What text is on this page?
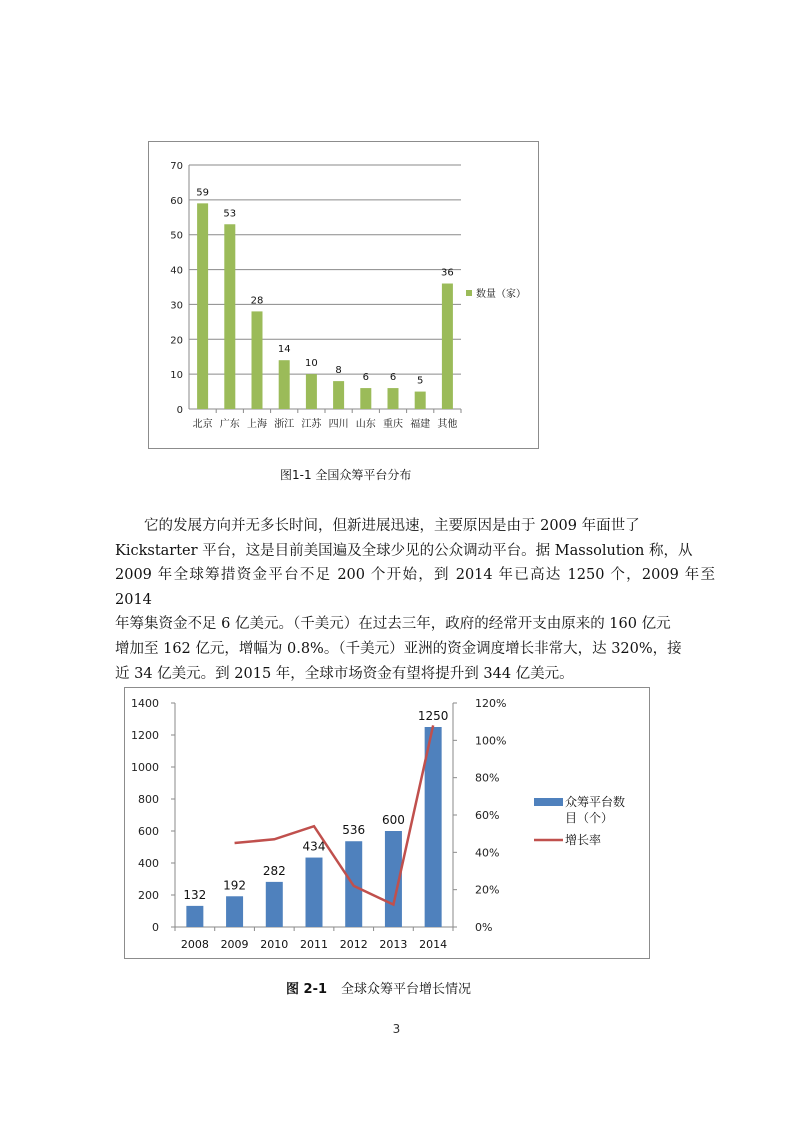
0
10
20
30
40
50
60
70
59
北京
53
广东
28
上海
14
浙江
10
江苏
8
四川
6
山东
6
重庆
5
福建
36
其他
数量（家）
图1-1 全国众筹平台分布
它的发展方向并无多长时间，但新进展迅速，主要原因是由于 2009 年面世了
Kickstarter 平台，这是目前美国遍及全球少见的公众调动平台。据 Massolution 称，从
2009 年全球筹措资金平台不足 200 个开始，到 2014 年已高达 1250 个，2009 年至 2014
年筹集资金不足 6 亿美元。（千美元）在过去三年，政府的经常开支由原来的 160 亿元
增加至 162 亿元，增幅为 0.8%。（千美元）亚洲的资金调度增长非常大，达 320%，接
近 34 亿美元。到 2015 年，全球市场资金有望将提升到 344 亿美元。
0
200
400
600
800
1000
1200
1400
0%
20%
40%
60%
80%
100%
120%
132
2008
192
2009
282
2010
434
2011
536
2012
600
2013
1250
2014
众筹平台数
目（个）
增长率
图 2-1 全球众筹平台增长情况
3
